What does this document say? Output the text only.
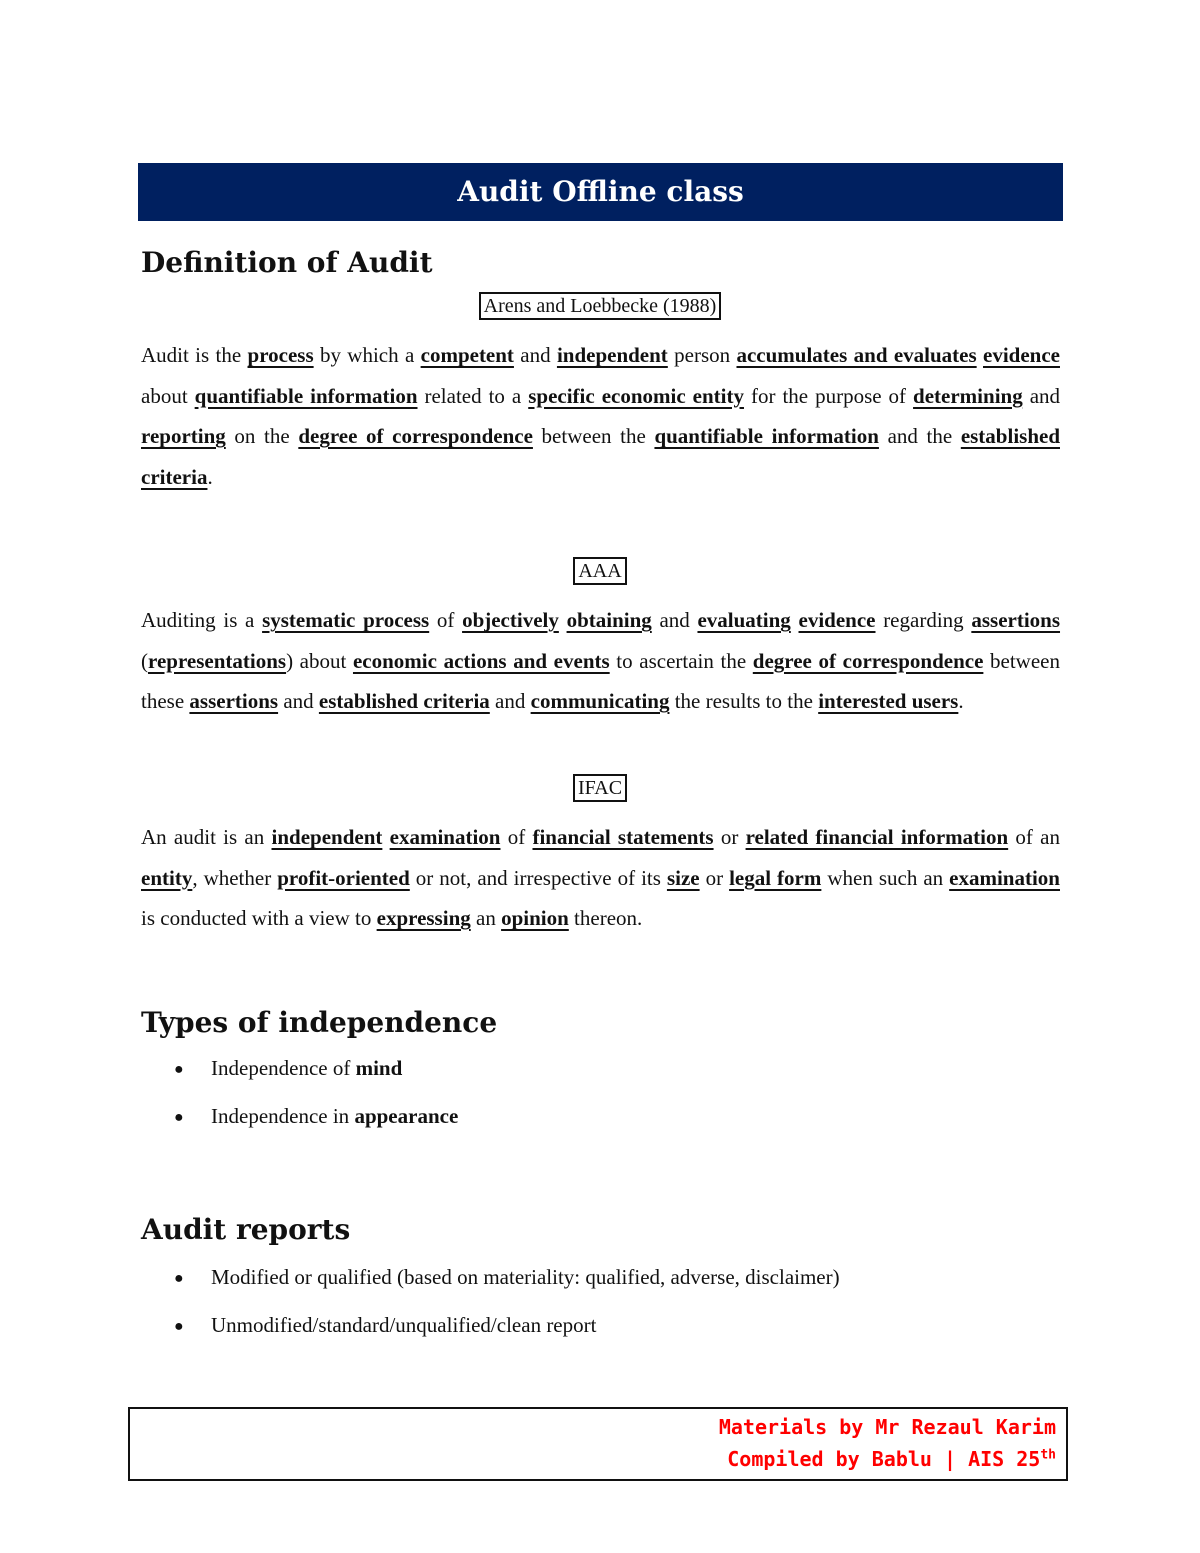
Audit Offline class
Definition of Audit
Arens and Loebbecke (1988)

Audit is the process by which a competent and independent person accumulates and evaluates evidence about quantifiable information related to a specific economic entity for the purpose of determining and reporting on the degree of correspondence between the quantifiable information and the established criteria.

AAA

Auditing is a systematic process of objectively obtaining and evaluating evidence regarding assertions (representations) about economic actions and events to ascertain the degree of correspondence between these assertions and established criteria and communicating the results to the interested users.

IFAC

An audit is an independent examination of financial statements or related financial information of an entity, whether profit-oriented or not, and irrespective of its size or legal form when such an examination is conducted with a view to expressing an opinion thereon.

Types of independence
●	Independence of mind
●	Independence in appearance
Audit reports
●	Modified or qualified (based on materiality: qualified, adverse, disclaimer)
●	Unmodified/standard/unqualified/clean report
Materials by Mr Rezaul Karim
Compiled by Bablu | AIS 25th
